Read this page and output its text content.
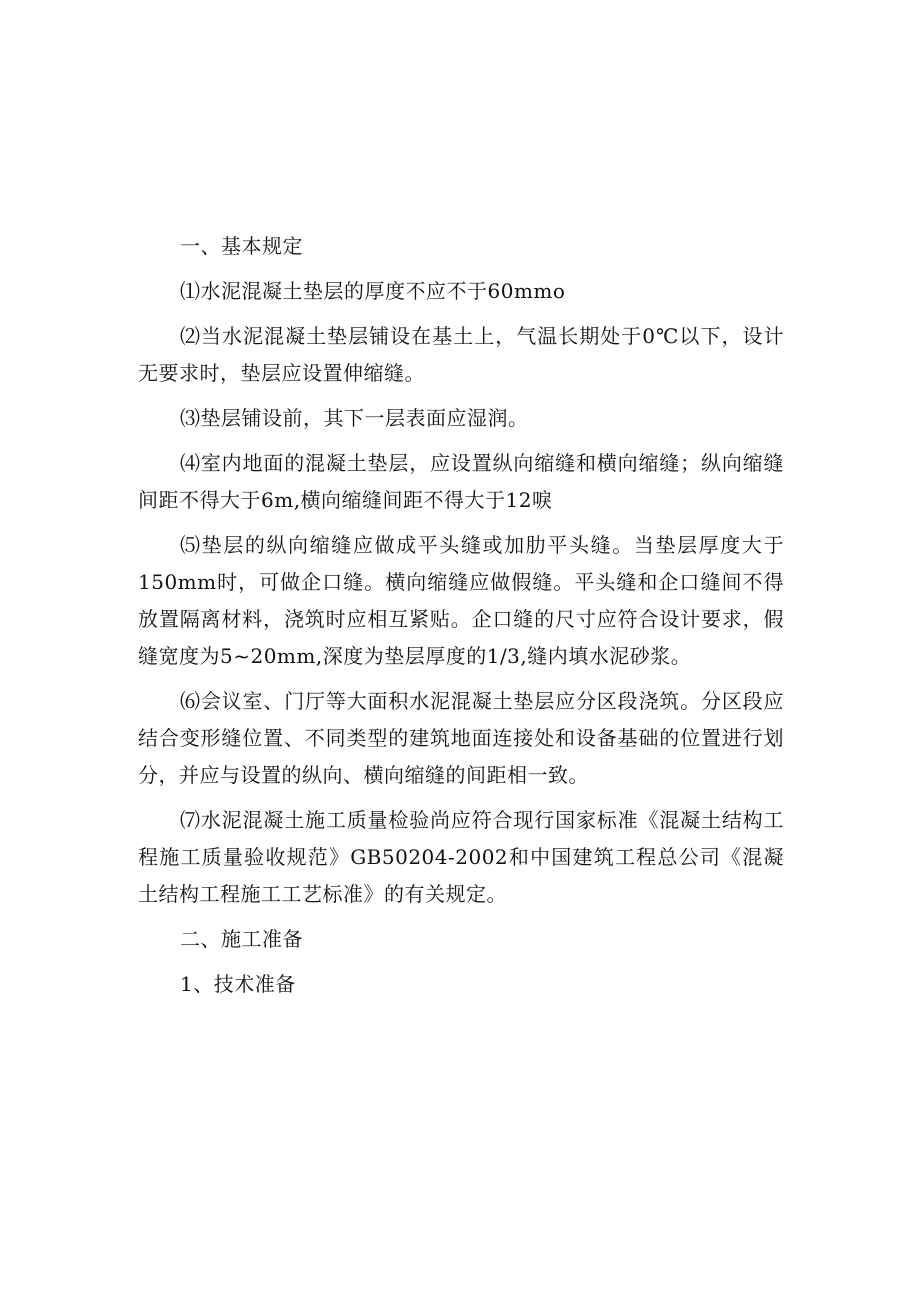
一、基本规定

⑴水泥混凝土垫层的厚度不应不于60mmo

⑵当水泥混凝土垫层铺设在基土上，气温长期处于0℃以下，设计无要求时，垫层应设置伸缩缝。

⑶垫层铺设前，其下一层表面应湿润。

⑷室内地面的混凝土垫层，应设置纵向缩缝和横向缩缝；纵向缩缝间距不得大于6m,横向缩缝间距不得大于12唳

⑸垫层的纵向缩缝应做成平头缝或加肋平头缝。当垫层厚度大于150mm时，可做企口缝。横向缩缝应做假缝。平头缝和企口缝间不得放置隔离材料，浇筑时应相互紧贴。企口缝的尺寸应符合设计要求，假缝宽度为5~20mm,深度为垫层厚度的1/3,缝内填水泥砂浆。

⑹会议室、门厅等大面积水泥混凝土垫层应分区段浇筑。分区段应结合变形缝位置、不同类型的建筑地面连接处和设备基础的位置进行划分，并应与设置的纵向、横向缩缝的间距相一致。

⑺水泥混凝土施工质量检验尚应符合现行国家标准《混凝土结构工程施工质量验收规范》GB50204-2002和中国建筑工程总公司《混凝土结构工程施工工艺标准》的有关规定。

二、施工准备

1、技术准备
